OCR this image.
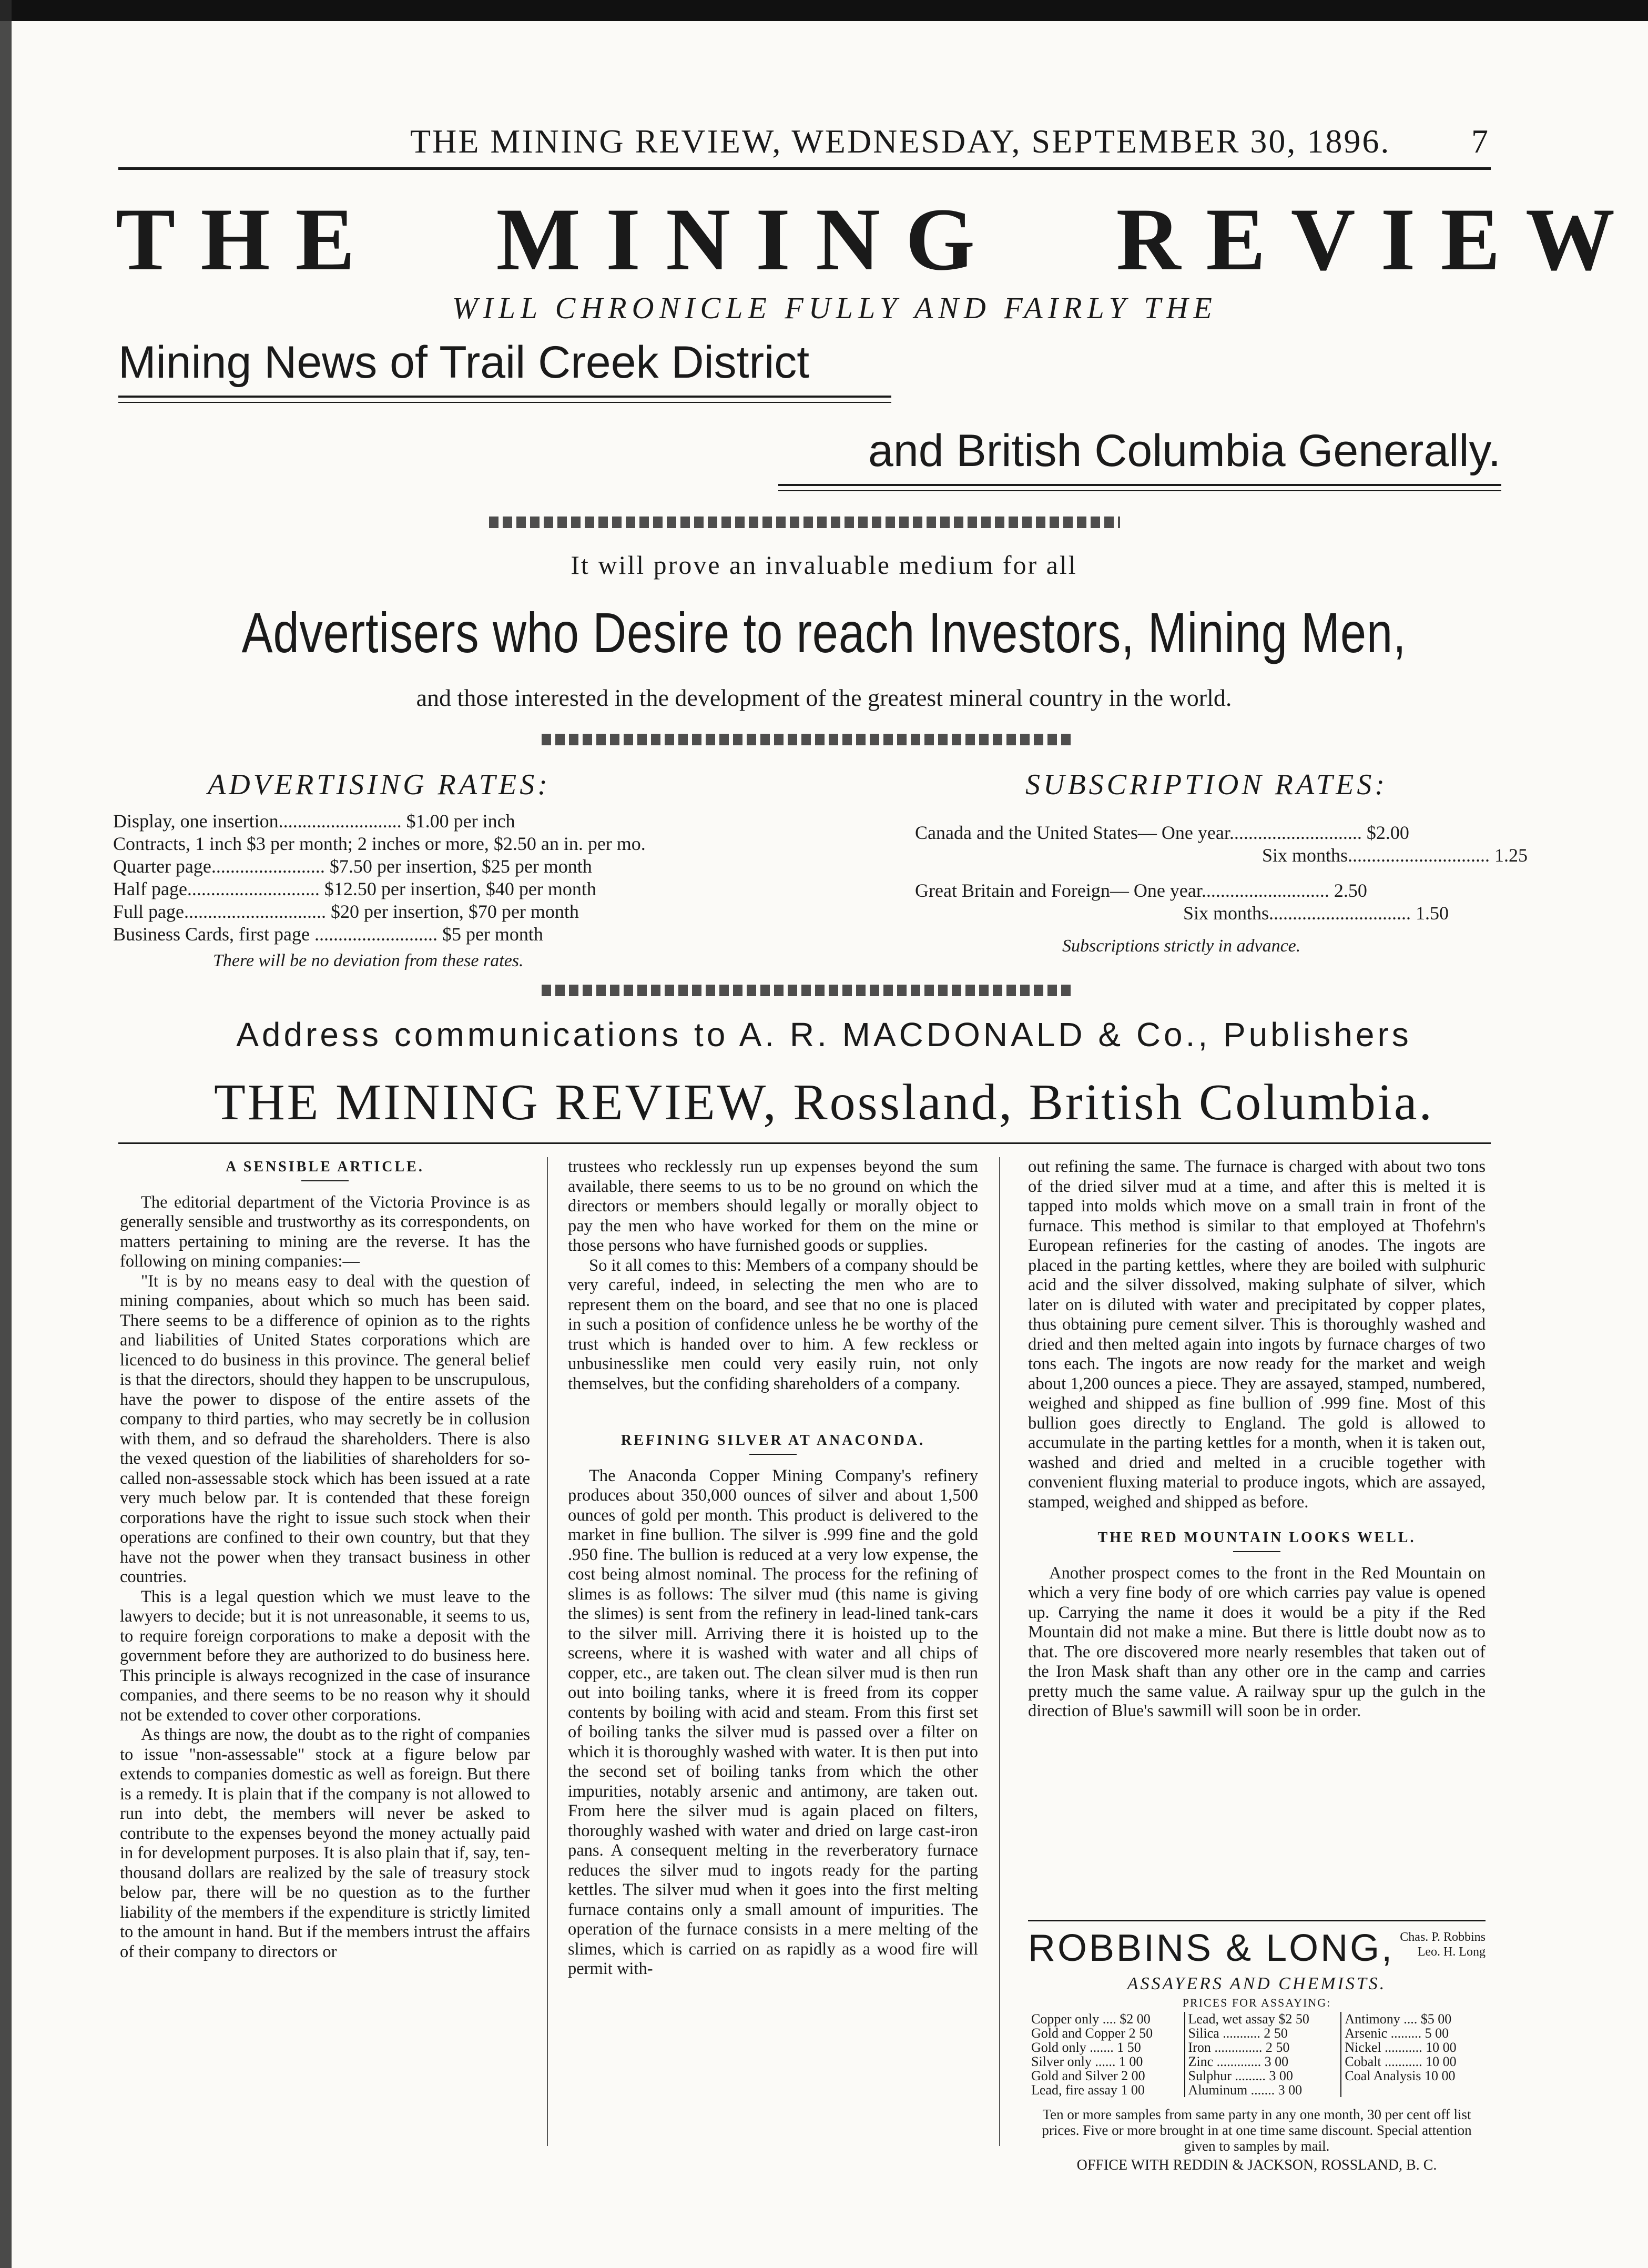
THE MINING REVIEW, WEDNESDAY, SEPTEMBER 30, 1896. 7
THE MINING REVIEW
WILL CHRONICLE FULLY AND FAIRLY THE
Mining News of Trail Creek District
and British Columbia Generally.
It will prove an invaluable medium for all
Advertisers who Desire to reach Investors, Mining Men,
and those interested in the development of the greatest mineral country in the world.
ADVERTISING RATES:
Display, one insertion.......................... $1.00 per inch
Contracts, 1 inch $3 per month; 2 inches or more, $2.50 an in. per mo.
Quarter page........................ $7.50 per insertion, $25 per month
Half page............................ $12.50 per insertion, $40 per month
Full page.............................. $20 per insertion, $70 per month
Business Cards, first page .......................... $5 per month
There will be no deviation from these rates.
SUBSCRIPTION RATES:
Canada and the United States— One year............................ $2.00
Six months.............................. 1.25
Great Britain and Foreign— One year........................... 2.50
Six months.............................. 1.50
Subscriptions strictly in advance.
Address communications to A. R. MACDONALD & Co., Publishers
THE MINING REVIEW, Rossland, British Columbia.
A SENSIBLE ARTICLE.

The editorial department of the Victoria Province is as generally sensible and trustworthy as its correspondents, on matters pertaining to mining are the reverse. It has the following on mining companies:—

"It is by no means easy to deal with the question of mining companies, about which so much has been said. There seems to be a difference of opinion as to the rights and liabilities of United States corporations which are licenced to do business in this province. The general belief is that the directors, should they happen to be unscrupulous, have the power to dispose of the entire assets of the company to third parties, who may secretly be in collusion with them, and so defraud the shareholders. There is also the vexed question of the liabilities of shareholders for so-called non-assessable stock which has been issued at a rate very much below par. It is contended that these foreign corporations have the right to issue such stock when their operations are confined to their own country, but that they have not the power when they transact business in other countries.

This is a legal question which we must leave to the lawyers to decide; but it is not unreasonable, it seems to us, to require foreign corporations to make a deposit with the government before they are authorized to do business here. This principle is always recognized in the case of insurance companies, and there seems to be no reason why it should not be extended to cover other corporations.

As things are now, the doubt as to the right of companies to issue "non-assessable" stock at a figure below par extends to companies domestic as well as foreign. But there is a remedy. It is plain that if the company is not allowed to run into debt, the members will never be asked to contribute to the expenses beyond the money actually paid in for development purposes. It is also plain that if, say, ten-thousand dollars are realized by the sale of treasury stock below par, there will be no question as to the further liability of the members if the expenditure is strictly limited to the amount in hand. But if the members intrust the affairs of their company to directors or

trustees who recklessly run up expenses beyond the sum available, there seems to us to be no ground on which the directors or members should legally or morally object to pay the men who have worked for them on the mine or those persons who have furnished goods or supplies.

So it all comes to this: Members of a company should be very careful, indeed, in selecting the men who are to represent them on the board, and see that no one is placed in such a position of confidence unless he be worthy of the trust which is handed over to him. A few reckless or unbusinesslike men could very easily ruin, not only themselves, but the confiding shareholders of a company.

REFINING SILVER AT ANACONDA.

The Anaconda Copper Mining Company's refinery produces about 350,000 ounces of silver and about 1,500 ounces of gold per month. This product is delivered to the market in fine bullion. The silver is .999 fine and the gold .950 fine. The bullion is reduced at a very low expense, the cost being almost nominal. The process for the refining of slimes is as follows: The silver mud (this name is giving the slimes) is sent from the refinery in lead-lined tank-cars to the silver mill. Arriving there it is hoisted up to the screens, where it is washed with water and all chips of copper, etc., are taken out. The clean silver mud is then run out into boiling tanks, where it is freed from its copper contents by boiling with acid and steam. From this first set of boiling tanks the silver mud is passed over a filter on which it is thoroughly washed with water. It is then put into the second set of boiling tanks from which the other impurities, notably arsenic and antimony, are taken out. From here the silver mud is again placed on filters, thoroughly washed with water and dried on large cast-iron pans. A consequent melting in the reverberatory furnace reduces the silver mud to ingots ready for the parting kettles. The silver mud when it goes into the first melting furnace contains only a small amount of impurities. The operation of the furnace consists in a mere melting of the slimes, which is carried on as rapidly as a wood fire will permit with-

out refining the same. The furnace is charged with about two tons of the dried silver mud at a time, and after this is melted it is tapped into molds which move on a small train in front of the furnace. This method is similar to that employed at Thofehrn's European refineries for the casting of anodes. The ingots are placed in the parting kettles, where they are boiled with sulphuric acid and the silver dissolved, making sulphate of silver, which later on is diluted with water and precipitated by copper plates, thus obtaining pure cement silver. This is thoroughly washed and dried and then melted again into ingots by furnace charges of two tons each. The ingots are now ready for the market and weigh about 1,200 ounces a piece. They are assayed, stamped, numbered, weighed and shipped as fine bullion of .999 fine. Most of this bullion goes directly to England. The gold is allowed to accumulate in the parting kettles for a month, when it is taken out, washed and dried and melted in a crucible together with convenient fluxing material to produce ingots, which are assayed, stamped, weighed and shipped as before.

THE RED MOUNTAIN LOOKS WELL.

Another prospect comes to the front in the Red Mountain on which a very fine body of ore which carries pay value is opened up. Carrying the name it does it would be a pity if the Red Mountain did not make a mine. But there is little doubt now as to that. The ore discovered more nearly resembles that taken out of the Iron Mask shaft than any other ore in the camp and carries pretty much the same value. A railway spur up the gulch in the direction of Blue's sawmill will soon be in order.

ROBBINS & LONG, Chas. P. Robbins
Leo. H. Long
ASSAYERS AND CHEMISTS.
PRICES FOR ASSAYING:
Copper only .... $2 00	Lead, wet assay $2 50	Antimony .... $5 00
Gold and Copper 2 50	Silica ........... 2 50	Arsenic ......... 5 00
Gold only ....... 1 50	Iron .............. 2 50	Nickel ........... 10 00
Silver only ...... 1 00	Zinc ............. 3 00	Cobalt ........... 10 00
Gold and Silver 2 00	Sulphur ......... 3 00	Coal Analysis 10 00
Lead, fire assay 1 00	Aluminum ....... 3 00	
Ten or more samples from same party in any one month, 30 per cent off list prices. Five or more brought in at one time same discount. Special attention given to samples by mail.
OFFICE WITH REDDIN & JACKSON, ROSSLAND, B. C.
